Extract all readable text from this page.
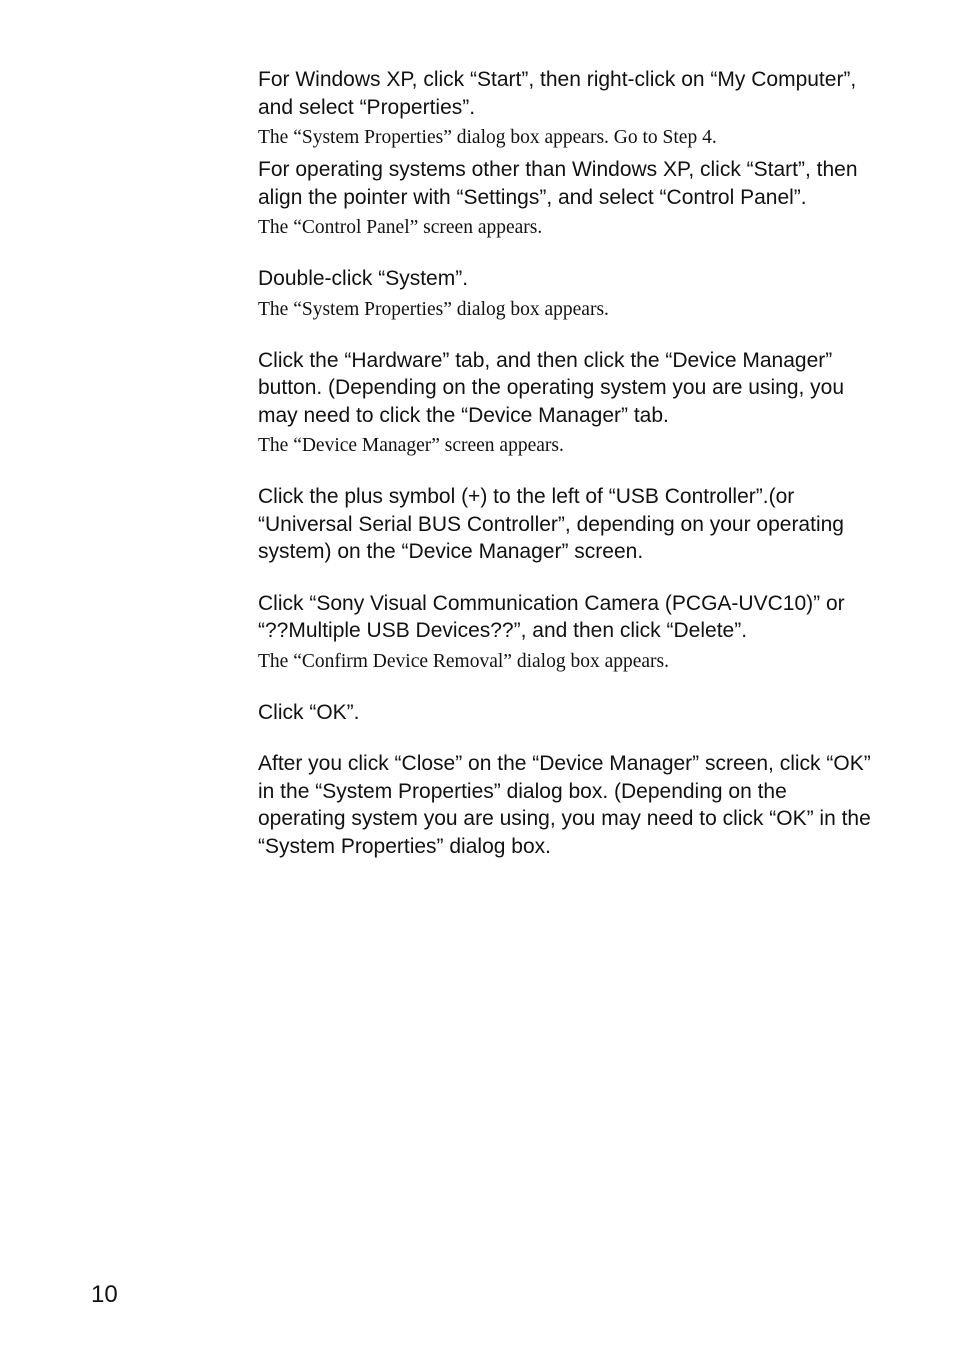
For Windows XP, click “Start”, then right-click on “My Computer”, and select “Properties”.

The “System Properties” dialog box appears. Go to Step 4.

For operating systems other than Windows XP, click “Start”, then align the pointer with “Settings”, and select “Control Panel”.

The “Control Panel” screen appears.

Double-click “System”.

The “System Properties” dialog box appears.

Click the “Hardware” tab, and then click the “Device Manager” button. (Depending on the operating system you are using, you may need to click the “Device Manager” tab.

The “Device Manager” screen appears.

Click the plus symbol (+) to the left of “USB Controller”.(or “Universal Serial BUS Controller”, depending on your operating system) on the “Device Manager” screen.

Click “Sony Visual Communication Camera (PCGA-UVC10)” or “??Multiple USB Devices??”, and then click “Delete”.

The “Confirm Device Removal” dialog box appears.

Click “OK”.

After you click “Close” on the “Device Manager” screen, click “OK” in the “System Properties” dialog box. (Depending on the operating system you are using, you may need to click “OK” in the “System Properties” dialog box.

10
